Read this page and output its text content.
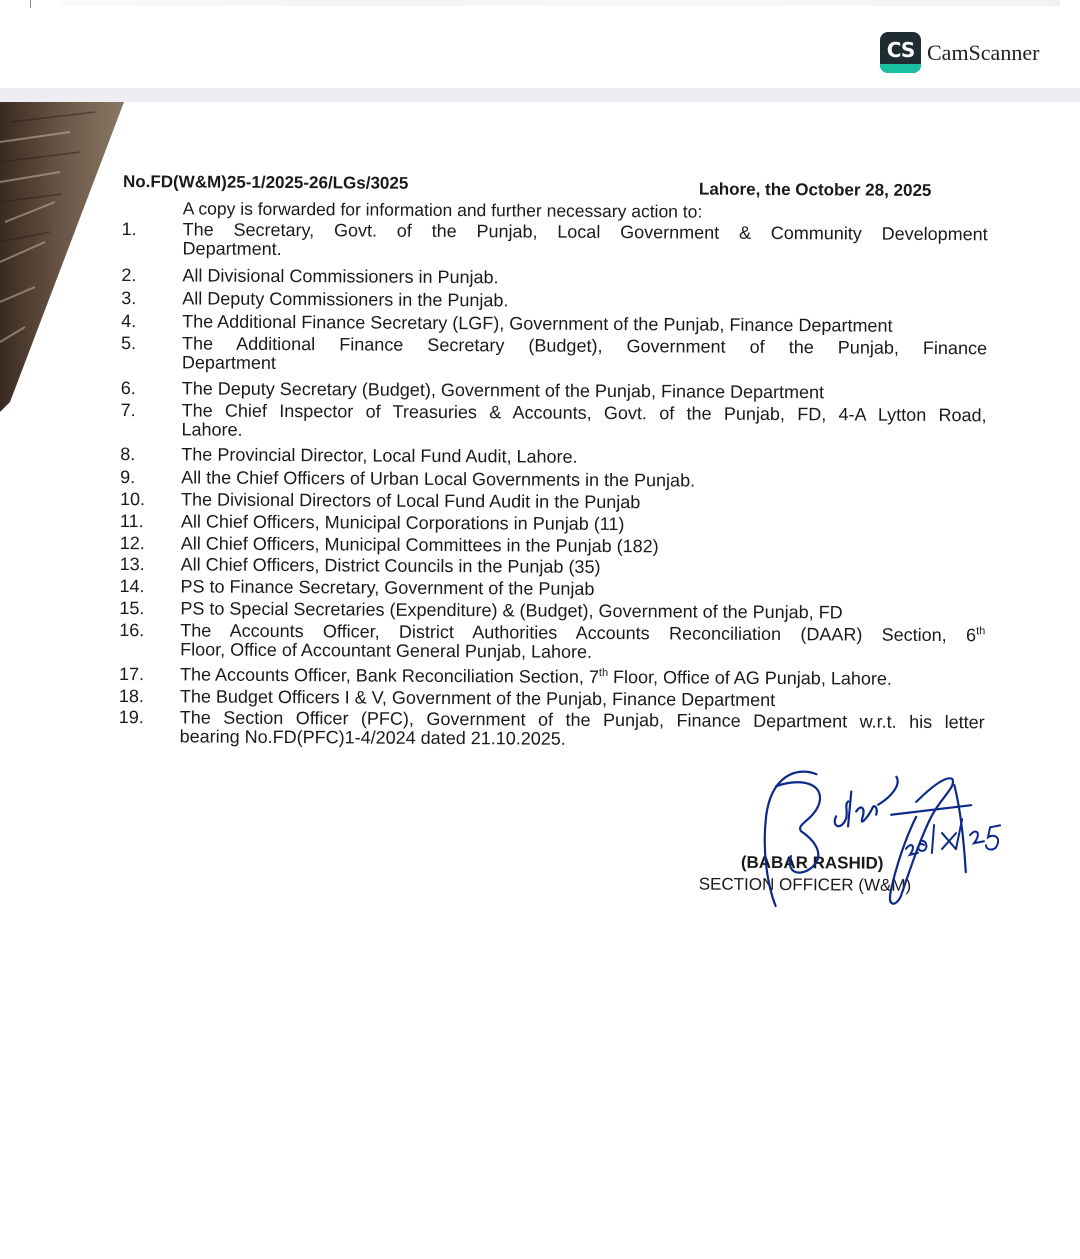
CS CamScanner
No.FD(W&M)25-1/2025-26/LGs/3025	Lahore, the October 28, 2025
A copy is forwarded for information and further necessary action to:
1.	The Secretary, Govt. of the Punjab, Local Government & Community Development
Department.
2.	All Divisional Commissioners in Punjab.
3.	All Deputy Commissioners in the Punjab.
4.	The Additional Finance Secretary (LGF), Government of the Punjab, Finance Department
5.	The Additional Finance Secretary (Budget), Government of the Punjab, Finance
Department
6.	The Deputy Secretary (Budget), Government of the Punjab, Finance Department
7.	The Chief Inspector of Treasuries & Accounts, Govt. of the Punjab, FD, 4-A Lytton Road,
Lahore.
8.	The Provincial Director, Local Fund Audit, Lahore.
9.	All the Chief Officers of Urban Local Governments in the Punjab.
10.	The Divisional Directors of Local Fund Audit in the Punjab
11.	All Chief Officers, Municipal Corporations in Punjab (11)
12.	All Chief Officers, Municipal Committees in the Punjab (182)
13.	All Chief Officers, District Councils in the Punjab (35)
14.	PS to Finance Secretary, Government of the Punjab
15.	PS to Special Secretaries (Expenditure) & (Budget), Government of the Punjab, FD
16.	The Accounts Officer, District Authorities Accounts Reconciliation (DAAR) Section, 6th
Floor, Office of Accountant General Punjab, Lahore.
17.	The Accounts Officer, Bank Reconciliation Section, 7th Floor, Office of AG Punjab, Lahore.
18.	The Budget Officers I & V, Government of the Punjab, Finance Department
19.	The Section Officer (PFC), Government of the Punjab, Finance Department w.r.t. his letter
bearing No.FD(PFC)1-4/2024 dated 21.10.2025.
(BABAR RASHID)
SECTION OFFICER (W&M)
